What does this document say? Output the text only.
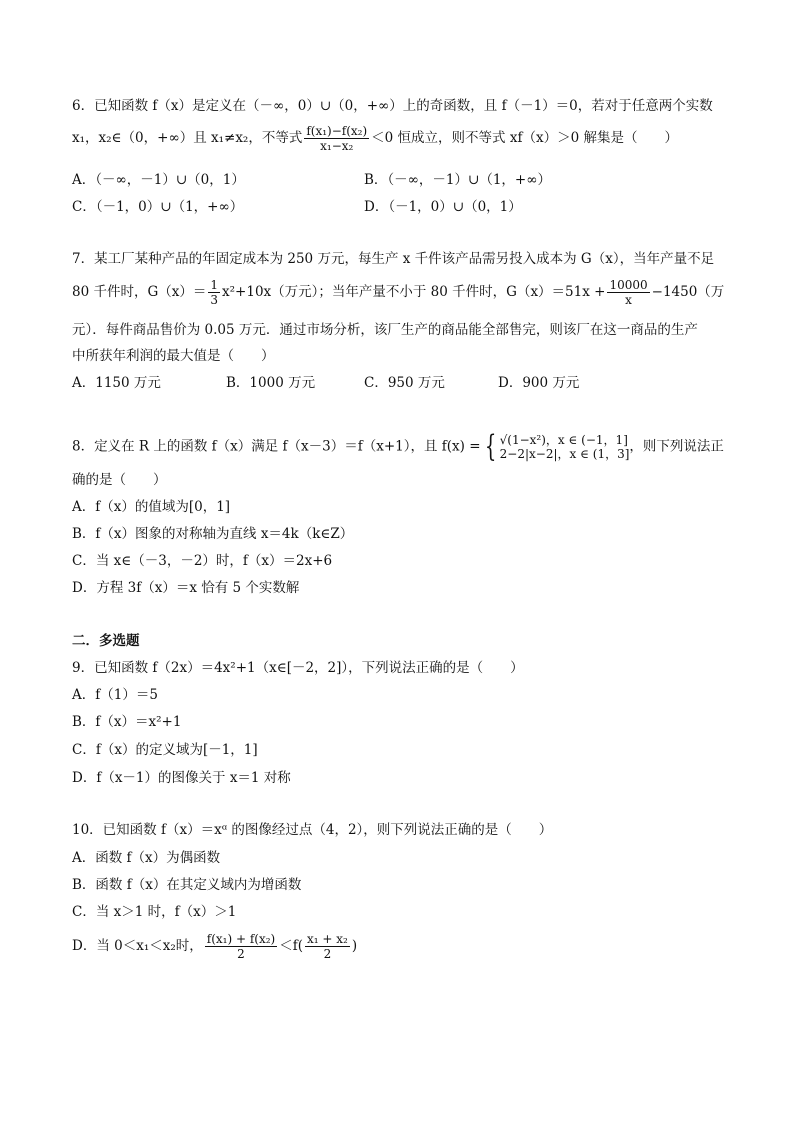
6．已知函数 f（x）是定义在（－∞，0）∪（0，+∞）上的奇函数，且 f（－1）＝0，若对于任意两个实数
x₁，x₂∈（0，+∞）且 x₁≠x₂，不等式 $\frac{\text{f(x₁)−f(x₂)}}{\text{x₁−x₂}} <0$ 恒成立，则不等式 xf（x）＞0 解集是（　　）
A．（－∞，－1）∪（0，1）	B．（－∞，－1）∪（1，+∞）
C．（－1，0）∪（1，+∞）	D．（－1，0）∪（0，1）
7．某工厂某种产品的年固定成本为 250 万元，每生产 x 千件该产品需另投入成本为 G（x），当年产量不足
80 千件时，$G(x)= \frac{1}{3} x^2+10x$（万元）；当年产量不小于 80 千件时，$G(x)=51x + \frac{10000}{x} -1450$（万
元）．每件商品售价为 0.05 万元．通过市场分析，该厂生产的商品能全部售完，则该厂在这一商品的生产
中所获年利润的最大值是（　　）
A．1150 万元	B．1000 万元	C．950 万元	D．900 万元
8．定义在 R 上的函数 f（x）满足 f（x－3）＝f（x+1），且 f(x) = { √(1−x²)，x ∈ (−1，1]
2−2|x−2|，x ∈ (1，3] ，则下列说法正
确的是（　　）
A．f（x）的值域为[0，1]
B．f（x）图象的对称轴为直线 x＝4k（k∈Z）
C．当 x∈（－3，－2）时，f（x）＝2x+6
D．方程 3f（x）＝x 恰有 5 个实数解
二．多选题
9．已知函数 f（2x）＝4x²+1（x∈[－2，2]），下列说法正确的是（　　）
A．f（1）＝5
B．f（x）＝x²+1
C．f（x）的定义域为[－1，1]
D．f（x－1）的图像关于 x＝1 对称
10．已知函数 f（x）＝xᵅ 的图像经过点（4，2），则下列说法正确的是（　　）
A．函数 f（x）为偶函数
B．函数 f（x）在其定义域内为增函数
C．当 x＞1 时，f（x）＞1
D．当 0＜x₁＜x₂时， $\frac{\text{f(x₁) + f(x₂)}}{2} <f( \frac{\text{x₁ + x₂}}{2}$ )
